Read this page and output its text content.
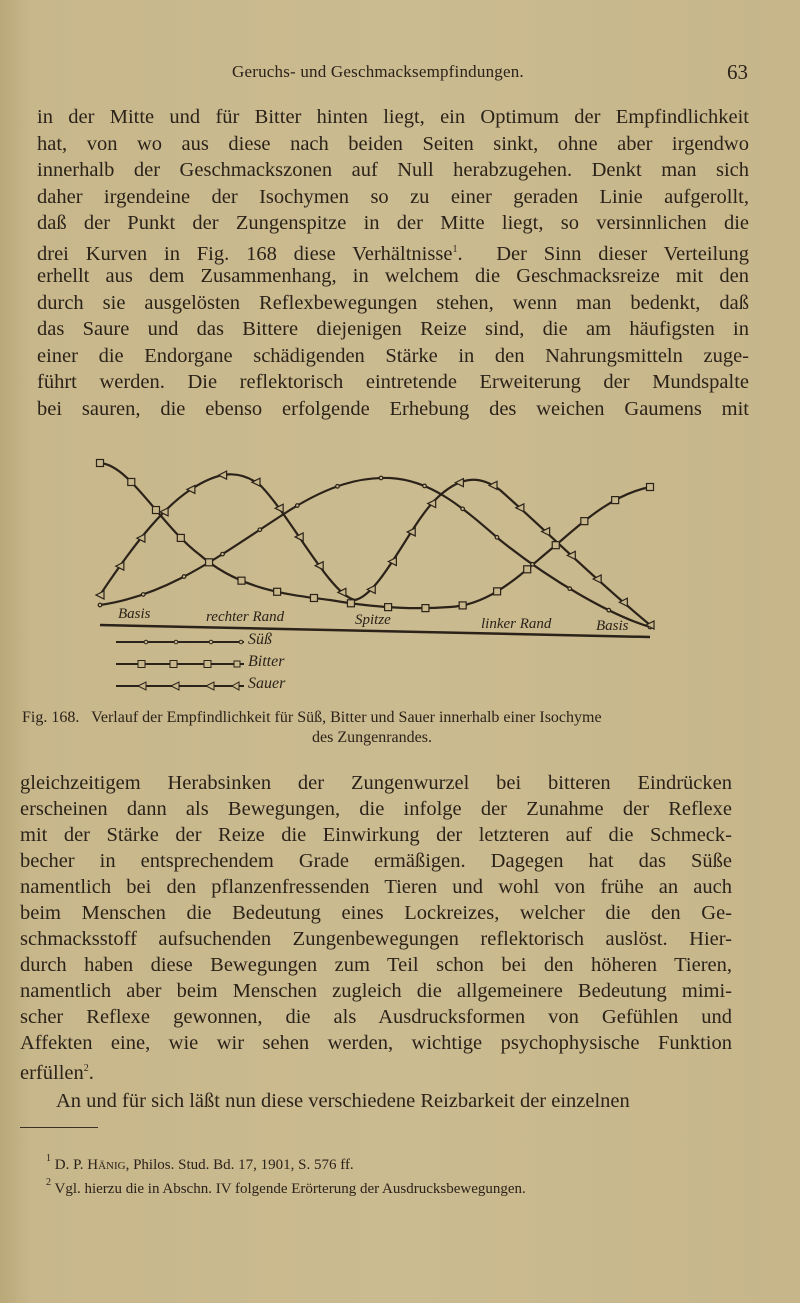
Geruchs- und Geschmacksempfindungen.	63
in der Mitte und für Bitter hinten liegt, ein Optimum der Empfindlichkeit
hat, von wo aus diese nach beiden Seiten sinkt, ohne aber irgendwo
innerhalb der Geschmackszonen auf Null herabzugehen. Denkt man sich
daher irgendeine der Isochymen so zu einer geraden Linie aufgerollt,
daß der Punkt der Zungenspitze in der Mitte liegt, so versinnlichen die
drei Kurven in Fig. 168 diese Verhältnisse$^1$.  Der Sinn dieser Verteilung
erhellt aus dem Zusammenhang, in welchem die Geschmacksreize mit den
durch sie ausgelösten Reflexbewegungen stehen, wenn man bedenkt, daß
das Saure und das Bittere diejenigen Reize sind, die am häufigsten in
einer die Endorgane schädigenden Stärke in den Nahrungsmitteln zuge-
führt werden. Die reflektorisch eintretende Erweiterung der Mundspalte
bei sauren, die ebenso erfolgende Erhebung des weichen Gaumens mit
Basis	rechter Rand	Spitze	linker Rand	Basis
Süß
Bitter
Sauer
Fig. 168. Verlauf der Empfindlichkeit für Süß, Bitter und Sauer innerhalb einer Isochyme
des Zungenrandes.
gleichzeitigem Herabsinken der Zungenwurzel bei bitteren Eindrücken
erscheinen dann als Bewegungen, die infolge der Zunahme der Reflexe
mit der Stärke der Reize die Einwirkung der letzteren auf die Schmeck-
becher in entsprechendem Grade ermäßigen. Dagegen hat das Süße
namentlich bei den pflanzenfressenden Tieren und wohl von frühe an auch
beim Menschen die Bedeutung eines Lockreizes, welcher die den Ge-
schmacksstoff aufsuchenden Zungenbewegungen reflektorisch auslöst. Hier-
durch haben diese Bewegungen zum Teil schon bei den höheren Tieren,
namentlich aber beim Menschen zugleich die allgemeinere Bedeutung mimi-
scher Reflexe gewonnen, die als Ausdrucksformen von Gefühlen und
Affekten eine, wie wir sehen werden, wichtige psychophysische Funktion
erfüllen$^2$.
An und für sich läßt nun diese verschiedene Reizbarkeit der einzelnen
$^1$ D. P. Hänig, Philos. Stud. Bd. 17, 1901, S. 576 ff.
$^2$ Vgl. hierzu die in Abschn. IV folgende Erörterung der Ausdrucksbewegungen.
